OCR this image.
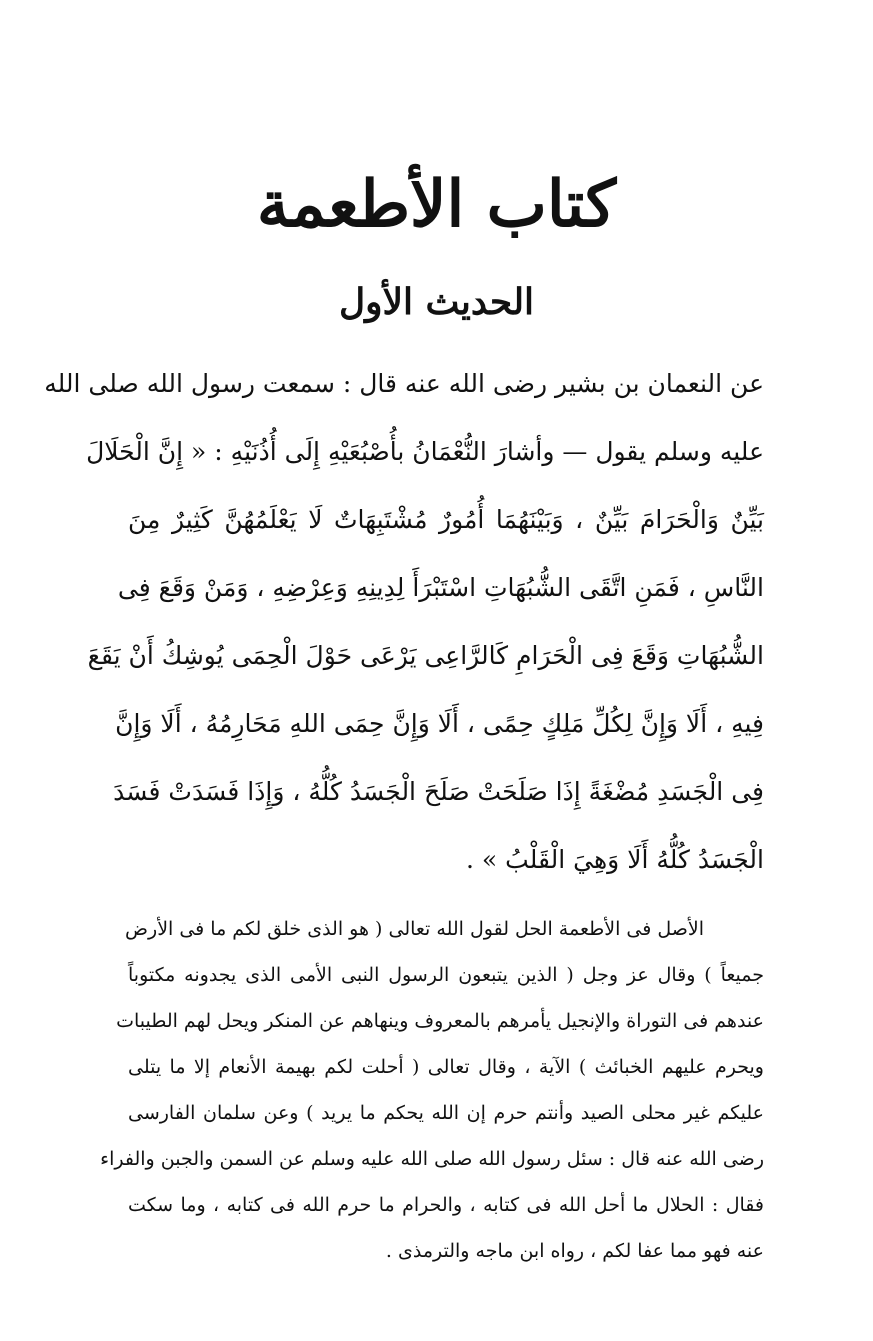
كتاب الأطعمة
الحديث الأول
عن النعمان بن بشير رضى الله عنه قال : سمعت رسول الله صلى الله
عليه وسلم يقول — وأشارَ النُّعْمَانُ بأُصْبُعَيْهِ إِلَى أُذُنَيْهِ : « إِنَّ الْحَلَالَ
بَيِّنٌ وَالْحَرَامَ بَيِّنٌ ، وَبَيْنَهُمَا أُمُورٌ مُشْتَبِهَاتٌ لَا يَعْلَمُهُنَّ كَثِيرٌ مِنَ
النَّاسِ ، فَمَنِ اتَّقَى الشُّبُهَاتِ اسْتَبْرَأَ لِدِينِهِ وَعِرْضِهِ ، وَمَنْ وَقَعَ فِى
الشُّبُهَاتِ وَقَعَ فِى الْحَرَامِ كَالرَّاعِى يَرْعَى حَوْلَ الْحِمَى يُوشِكُ أَنْ يَقَعَ
فِيهِ ، أَلَا وَإِنَّ لِكُلِّ مَلِكٍ حِمًى ، أَلَا وَإِنَّ حِمَى اللهِ مَحَارِمُهُ ، أَلَا وَإِنَّ
فِى الْجَسَدِ مُضْغَةً إِذَا صَلَحَتْ صَلَحَ الْجَسَدُ كُلُّهُ ، وَإِذَا فَسَدَتْ فَسَدَ
الْجَسَدُ كُلُّهُ أَلَا وَهِيَ الْقَلْبُ » .
الأصل فى الأطعمة الحل لقول الله تعالى ( هو الذى خلق لكم ما فى الأرض
جميعاً ) وقال عز وجل ( الذين يتبعون الرسول النبى الأمى الذى يجدونه مكتوباً
عندهم فى التوراة والإنجيل يأمرهم بالمعروف وينهاهم عن المنكر ويحل لهم الطيبات
ويحرم عليهم الخبائث ) الآية ، وقال تعالى ( أحلت لكم بهيمة الأنعام إلا ما يتلى
عليكم غير محلى الصيد وأنتم حرم إن الله يحكم ما يريد ) وعن سلمان الفارسى
رضى الله عنه قال : سئل رسول الله صلى الله عليه وسلم عن السمن والجبن والفراء
فقال : الحلال ما أحل الله فى كتابه ، والحرام ما حرم الله فى كتابه ، وما سكت
عنه فهو مما عفا لكم ، رواه ابن ماجه والترمذى .
